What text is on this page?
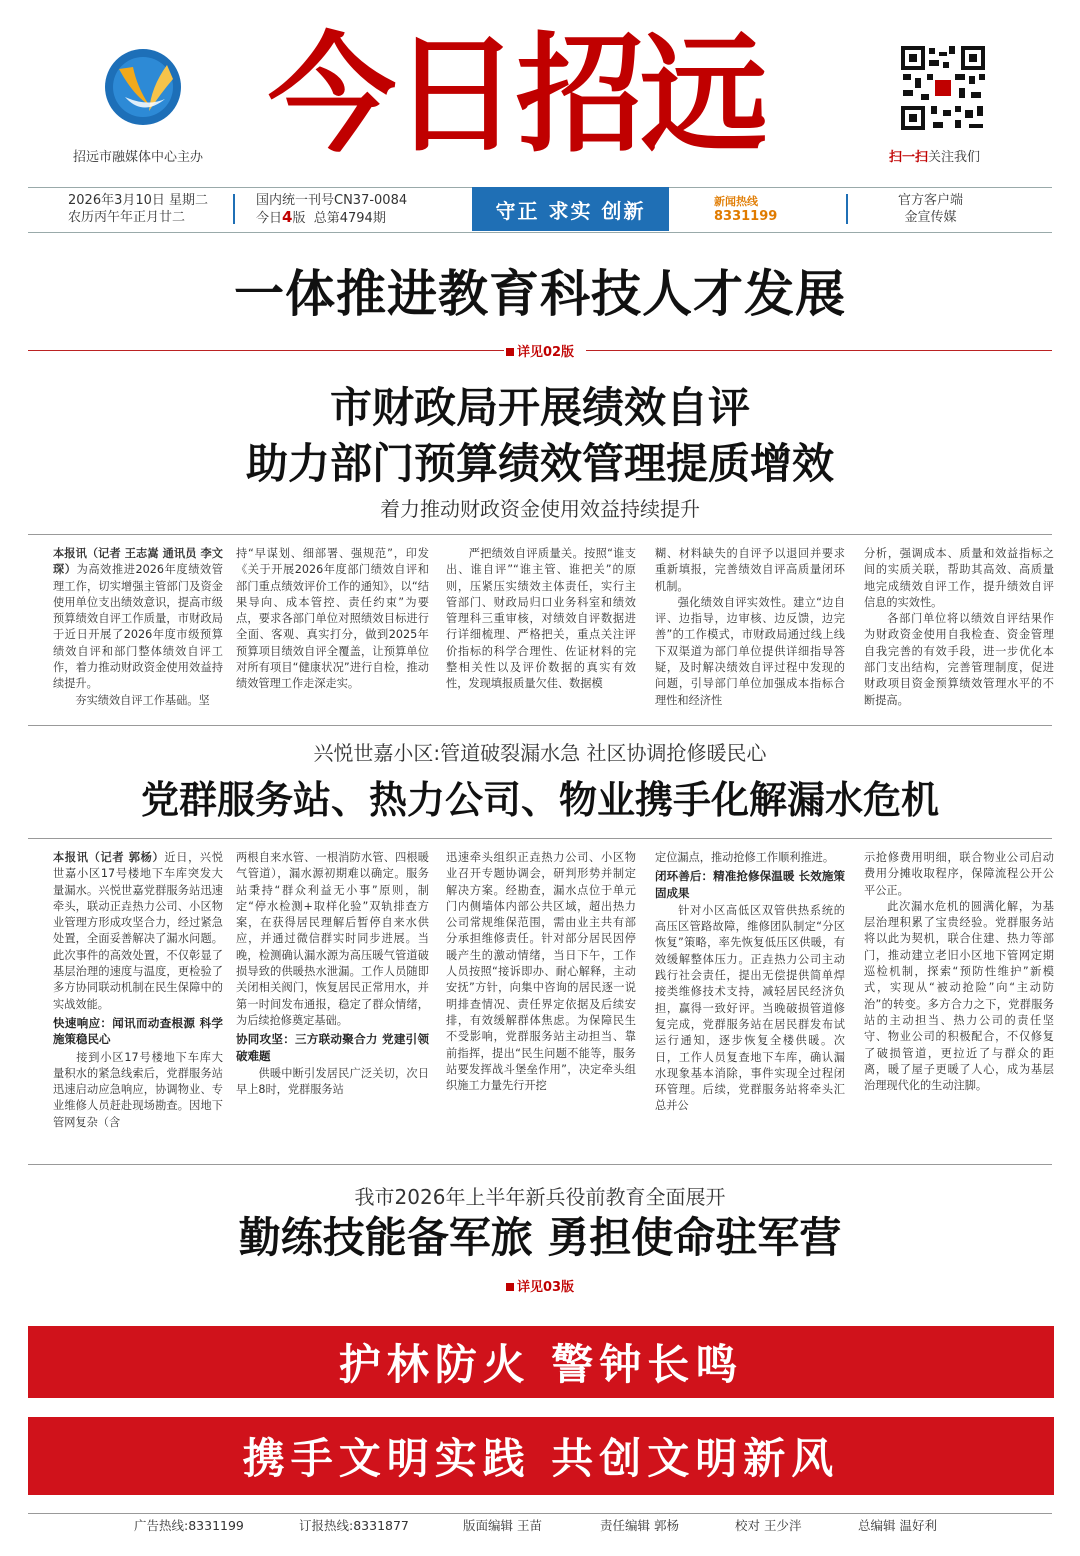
招远市融媒体中心主办 今日招远	扫一扫关注我们
2026年3月10日 星期二
农历丙午年正月廿二
国内统一刊号CN37-0084
今日4版 总第4794期	守正 求实 创新	新闻热线
8331199
官方客户端
金宣传媒
一体推进教育科技人才发展
详见02版
市财政局开展绩效自评
助力部门预算绩效管理提质增效
着力推动财政资金使用效益持续提升

本报讯（记者 王志嵩 通讯员 李文琛）为高效推进2026年度绩效管理工作，切实增强主管部门及资金使用单位支出绩效意识，提高市级预算绩效自评工作质量，市财政局于近日开展了2026年度市级预算绩效自评和部门整体绩效自评工作，着力推动财政资金使用效益持续提升。

  夯实绩效自评工作基础。坚

持“早谋划、细部署、强规范”，印发《关于开展2026年度部门绩效自评和部门重点绩效评价工作的通知》，以“结果导向、成本管控、责任约束”为要点，要求各部门单位对照绩效目标进行全面、客观、真实打分，做到2025年预算项目绩效自评全覆盖，让预算单位对所有项目“健康状况”进行自检，推动绩效管理工作走深走实。

  严把绩效自评质量关。按照“谁支出、谁自评”“谁主管、谁把关”的原则，压紧压实绩效主体责任，实行主管部门、财政局归口业务科室和绩效管理科三重审核，对绩效自评数据进行详细梳理、严格把关，重点关注评价指标的科学合理性、佐证材料的完整相关性以及评价数据的真实有效性，发现填报质量欠佳、数据模

糊、材料缺失的自评予以退回并要求重新填报，完善绩效自评高质量闭环机制。

  强化绩效自评实效性。建立“边自评、边指导，边审核、边反馈，边完善”的工作模式，市财政局通过线上线下双渠道为部门单位提供详细指导答疑，及时解决绩效自评过程中发现的问题，引导部门单位加强成本指标合理性和经济性

分析，强调成本、质量和效益指标之间的实质关联，帮助其高效、高质量地完成绩效自评工作，提升绩效自评信息的实效性。

  各部门单位将以绩效自评结果作为财政资金使用自我检查、资金管理自我完善的有效手段，进一步优化本部门支出结构，完善管理制度，促进财政项目资金预算绩效管理水平的不断提高。

兴悦世嘉小区:管道破裂漏水急 社区协调抢修暖民心
党群服务站、热力公司、物业携手化解漏水危机

本报讯（记者 郭杨）近日，兴悦世嘉小区17号楼地下车库突发大量漏水。兴悦世嘉党群服务站迅速牵头，联动正垚热力公司、小区物业管理方形成攻坚合力，经过紧急处置，全面妥善解决了漏水问题。此次事件的高效处置，不仅彰显了基层治理的速度与温度，更检验了多方协同联动机制在民生保障中的实战效能。

快速响应：闻讯而动查根源 科学施策稳民心

  接到小区17号楼地下车库大量积水的紧急线索后，党群服务站迅速启动应急响应，协调物业、专业维修人员赶赴现场勘查。因地下管网复杂（含

两根自来水管、一根消防水管、四根暖气管道），漏水源初期难以确定。服务站秉持“群众利益无小事”原则，制定“停水检测+取样化验”双轨排查方案，在获得居民理解后暂停自来水供应，并通过微信群实时同步进展。当晚，检测确认漏水源为高压暖气管道破损导致的供暖热水泄漏。工作人员随即关闭相关阀门，恢复居民正常用水，并第一时间发布通报，稳定了群众情绪，为后续抢修奠定基础。

协同攻坚：三方联动聚合力 党建引领破难题

  供暖中断引发居民广泛关切，次日早上8时，党群服务站

迅速牵头组织正垚热力公司、小区物业召开专题协调会，研判形势并制定解决方案。经勘查，漏水点位于单元门内侧墙体内部公共区域，超出热力公司常规维保范围，需由业主共有部分承担维修责任。针对部分居民因停暖产生的激动情绪，当日下午，工作人员按照“接诉即办、耐心解释，主动安抚”方针，向集中咨询的居民逐一说明排查情况、责任界定依据及后续安排，有效缓解群体焦虑。为保障民生不受影响，党群服务站主动担当、靠前指挥，提出“民生问题不能等，服务站要发挥战斗堡垒作用”，决定牵头组织施工力量先行开挖

定位漏点，推动抢修工作顺利推进。

闭环善后：精准抢修保温暖 长效施策固成果

  针对小区高低区双管供热系统的高压区管路故障，维修团队制定“分区恢复”策略，率先恢复低压区供暖，有效缓解整体压力。正垚热力公司主动践行社会责任，提出无偿提供简单焊接类维修技术支持，减轻居民经济负担，赢得一致好评。当晚破损管道修复完成，党群服务站在居民群发布试运行通知，逐步恢复全楼供暖。次日，工作人员复查地下车库，确认漏水现象基本消除，事件实现全过程闭环管理。后续，党群服务站将牵头汇总并公

示抢修费用明细，联合物业公司启动费用分摊收取程序，保障流程公开公平公正。

  此次漏水危机的圆满化解，为基层治理积累了宝贵经验。党群服务站将以此为契机，联合住建、热力等部门，推动建立老旧小区地下管网定期巡检机制，探索“预防性维护”新模式，实现从“被动抢险”向“主动防治”的转变。多方合力之下，党群服务站的主动担当、热力公司的责任坚守、物业公司的积极配合，不仅修复了破损管道，更拉近了与群众的距离，暖了屋子更暖了人心，成为基层治理现代化的生动注脚。

我市2026年上半年新兵役前教育全面展开
勤练技能备军旅 勇担使命驻军营
详见03版
护林防火 警钟长鸣
携手文明实践 共创文明新风
广告热线:8331199	订报热线:8331877	版面编辑 王苗	责任编辑 郭杨	校对 王少泮	总编辑 温好利
